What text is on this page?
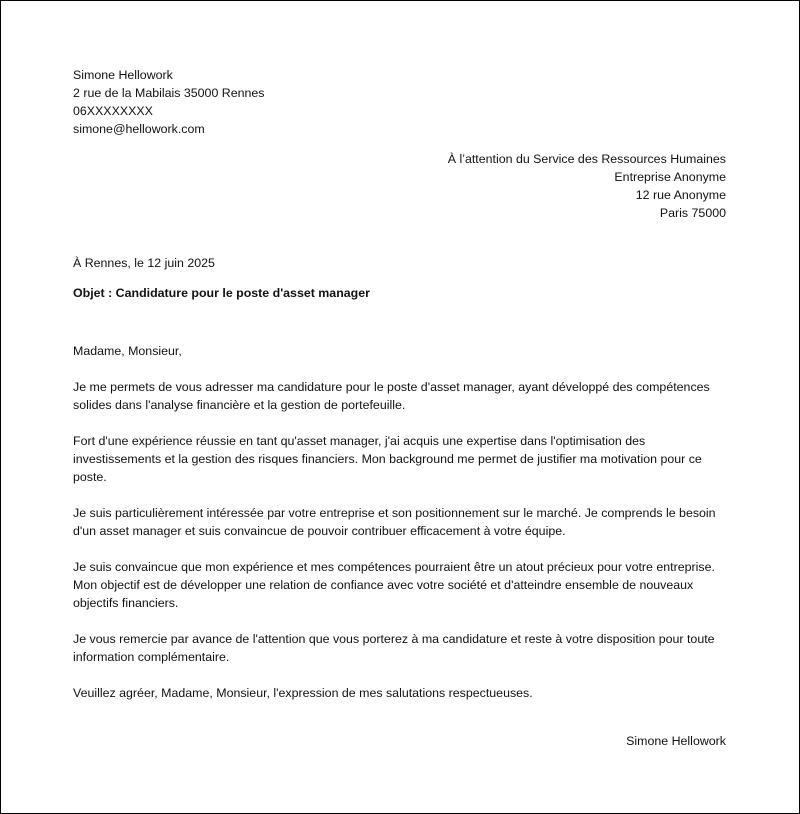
Simone Hellowork
2 rue de la Mabilais 35000 Rennes
06XXXXXXXX
simone@hellowork.com
À l’attention du Service des Ressources Humaines
Entreprise Anonyme
12 rue Anonyme
Paris 75000
À Rennes, le 12 juin 2025
Objet : Candidature pour le poste d'asset manager

Madame, Monsieur,

Je me permets de vous adresser ma candidature pour le poste d'asset manager, ayant développé des compétences solides dans l'analyse financière et la gestion de portefeuille.

Fort d'une expérience réussie en tant qu'asset manager, j'ai acquis une expertise dans l'optimisation des investissements et la gestion des risques financiers. Mon background me permet de justifier ma motivation pour ce poste.

Je suis particulièrement intéressée par votre entreprise et son positionnement sur le marché. Je comprends le besoin d'un asset manager et suis convaincue de pouvoir contribuer efficacement à votre équipe.

Je suis convaincue que mon expérience et mes compétences pourraient être un atout précieux pour votre entreprise. Mon objectif est de développer une relation de confiance avec votre société et d'atteindre ensemble de nouveaux objectifs financiers.

Je vous remercie par avance de l'attention que vous porterez à ma candidature et reste à votre disposition pour toute information complémentaire.

Veuillez agréer, Madame, Monsieur, l'expression de mes salutations respectueuses.

Simone Hellowork
